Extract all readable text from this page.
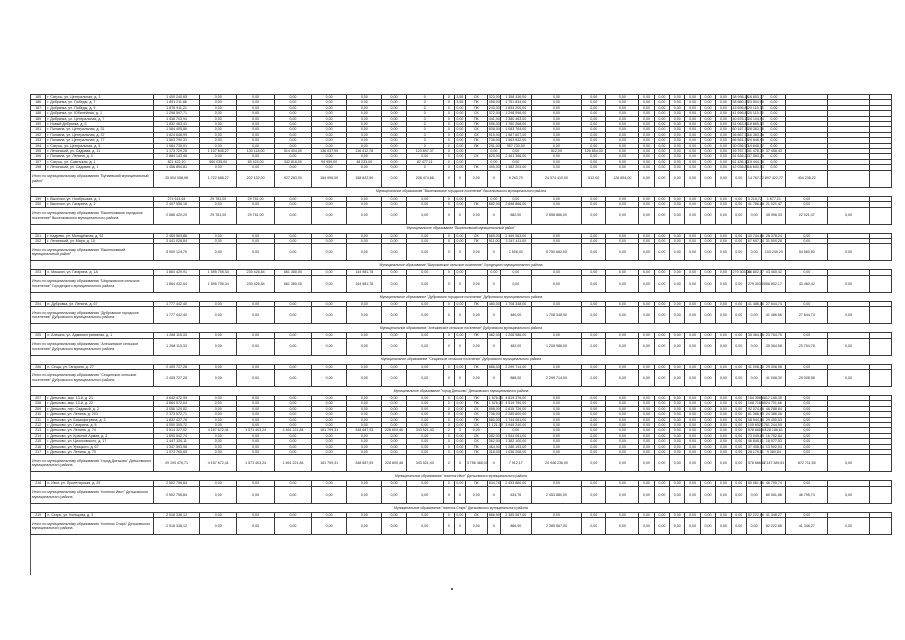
185	г. Сатрос, ул. Центральная, д. 1	1 400 240,65	0,00	0,00	0,00	0,00	0,00	0,00	0	0	3,55	СК	323,00	1 358 436,00	0,00	0,00	0,00	0,00	0,00	0,00	0,00	0,00	0,00	38 998,14	18 653,77	0,00			
186	г. Добрянка, ул. Победы, д. 7	1 891 211,86	0,00	0,00	0,00	0,00	0,00	0,00	0	0	3,55	ПК	458,00	1 791 834,00	0,00	0,00	0,00	0,00	0,00	0,00	0,00	0,00	0,00	38 660,36	23 504,56	0,00			
187	г. Добрянка, ул. Победы, д. 9	1 876 911,21	0,00	0,00	0,00	0,00	0,00	0,00	0	0	0,00	ПК	243,00	1 853 200,00	0,00	0,00	0,00	0,00	0,00	0,00	0,00	0,00	0,00	43 696,81	20 115,75	0,00			
188	г. Добрянка, ул. Юбилейная, д. 1	1 298 597,71	0,00	0,00	0,00	0,00	0,00	0,00	0	0	0,00	СК	372,00	1 298 598,00	0,00	0,00	0,00	0,00	0,00	0,00	0,00	0,00	0,00	41 696,81	20 115,75	0,00			
189	г. Добрянка, ул. Центральная, д. 7	1 438 703,94	0,00	0,00	0,00	0,00	0,00	0,00	0	0	0,00	ПК	441,00	1 380 463,00	0,00	0,00	0,00	0,00	0,00	0,00	0,00	0,00	0,00	40 676,16	24 104,94	0,00			
190	г. Новый Добрянка, д. 5	1 832 463,41	0,00	0,00	0,00	0,00	0,00	0,00	0	0	0,00	ПК	996,00	1 780 268,00	0,00	0,00	0,00	0,00	0,00	0,00	0,00	0,00	0,00	51 063,41	18 865,00	0,00			
191	г. Полазна, ул. Центральная, д. 31	1 084 405,86	0,00	0,00	0,00	0,00	0,00	0,00	0	0	0,00	СК	838,00	1 083 764,00	0,00	0,00	0,00	0,00	0,00	0,00	0,00	0,00	0,00	60 167,36	28 363,36	0,00			
192	г. Полазна, ул. Центральная, д. 37	1 624 648,99	0,00	0,00	0,00	0,00	0,00	0,00	0	0	0,00	СК	915,00	1 587 807,00	0,00	0,00	0,00	0,00	0,00	0,00	0,00	0,00	0,00	36 667,36	16 383,36	0,00			
193	г. Полазна, ул. Центральная, д. 77	1 563 790,31	0,00	0,00	0,00	0,00	0,00	0,00	0	0	0,00	ПК	738,00	1 563 832,00	0,00	0,00	0,00	0,00	0,00	0,00	0,00	0,00	0,00	66 561,38	24 646,95	0,00			
194	г. Сатрос, ул. Центральная, д. 5	1 084 730,01	0,00	0,00	0,00	0,00	0,00	0,00	0	0	0,00	ПК	291,00	957 730,00	0,00	0,00	0,00	0,00	0,00	0,00	0,00	0,00	0,00	30 036,50	19 648,12	0,00			
195	г. Ленинский, ул. Садовая, д. 11	1 173 729,25	1 107 845,27	130 118,00	514 404,00	136 037,90	116 412,78	0,00	123 897,37	0	0,00		0,00	0,00	512,00	126 854,00	0,00	0,00	0,00	0,00	0,00	0,00	0,00	16 767,72	51 478,30	37 458,43			
196	г. Полазна, ул. Ленина, д. 4	2 884 143,46	0,00	0,00	0,00	0,00	0,00	0,00	0,00	0	0,00	СК	825,00	2 461 366,00	0,00	0,00	0,00	0,00	0,00	0,00	0,00	0,00	0,00	51 636,21	37 583,25	0,00			
197	г. Сатрос, ул. Советская, д. 1	821 422,10	560 035,00	65 424,00	342 816,00	94 959,00	48 233,00	0,00	82 477,11	0	0,00		0,00	0,00	0,00	0,00	0,00	0,00	0,00	0,00	0,00	0,00	0,00	61 436,12	15 444,38	0,00			
198	г. Ленинский, ул. Садовая, д. 1	1 456 894,81	0,00	0,00	0,00	0,00	0,00	0,00	0	0	0,00	ПК	495,00	1 382 203,00	0,00	0,00	0,00	0,00	0,00	0,00	0,00	0,00	0,00	42 036,84	16 600,53	0,00			
Итого по муниципальному образованию "Бунаевский муниципальный район"		25 504 058,98	1 722 688,27	202 132,00	927 283,00	184 996,00	158 822,90	0,00	208 474,68	0	0	0,00	X	6 263,70	24 574 410,00	512,00	126 854,00	0,00	0,00	0,00	0,00	0,00	0,00	0,00	14 767,72	897 422,77	404 238,22		
Муниципальное образование "Выселковское городское поселение" Выселковского муниципального района																													
199	г. Выселки, ул. Ноябрьская, д. 1	274 614,64	29 781,00	29 781,00	0,00	0,00	0,00	0,00	0,00	0	0,00		0,00	0,00	0,00	0,00	0,00	0,00	0,00	0,00	0,00	0,00	0,00	0,00	3 216,72	1 677,21	0,00		
200	г. Выселки, ул. Гагарина, д. 2	2 407 556,16	0,00	0,00	0,00	0,00	0,00	0,00	0,00	0	0,00	ПК	882,00	2 898 866,00	0,00	0,00	0,00	0,00	0,00	0,00	0,00	0,00	0,00	0,00	41 788,88	21 021,47	0,00		
Итого по муниципальному образованию "Выселковское городское поселение" Выселковского муниципального района		2 686 420,20	29 781,00	29 781,00	0,00	0,00	0,00	0,00	0,00	0	0	0,00	X	882,00	2 898 866,00	0,00	0,00	0,00	0,00	0,00	0,00	0,00	0,00	0,00	0,00	45 998,33	22 021,47	0,00	
Муниципальное образование "Выселковский муниципальный район"																													
201	г. Кадуево, ул. Молодёжная, д. 92	2 469 563,86	0,00	0,00	0,00	0,00	0,00	0,00	0,00	0	0,00	СК	565,00	2 469 563,00	0,00	0,00	0,00	0,00	0,00	0,00	0,00	0,00	0,00	0,00	40 744,86	28 378,24	0,00		
202	г. Ленинский, ул. Мира, д. 10	3 441 026,84	0,00	0,00	0,00	0,00	0,00	0,00	0,00	0	0,00	ПК	911,00	3 247 411,00	0,00	0,00	0,00	0,00	0,00	0,00	0,00	0,00	0,00	0,00	67 697,34	31 500,28	0,00		
Итого по муниципальному образованию "Выселковский муниципальный район"		5 909 124,70	0,00	0,00	0,00	0,00	0,00	0,00	0,00	0	0	0,00	X	1 506,00	5 750 682,00	0,00	0,00	0,00	0,00	0,00	0,00	0,00	0,00	0,00	0,00	103 249,20	54 560,50	0,00	
Муниципальное образование "Широковское сельское поселение" Городецкого муниципального района																													
203	с. Мишкин, ул. Гагарина, д. 1А	1 864 429,91	1 595 795,34	239 426,84	661 380,00	0,00	144 981,78	0,00	0,00	0	0,00		0,00	0,00	0,00	0,00	0,00	0,00	0,00	0,00	0,00	0,00	0,00	279 303,00	86 802,17	43 460,42	0,00		
Итого по муниципальному образованию "Широковское сельское поселение" Городецкого муниципального района		1 864 432,64	1 595 795,34	239 426,84	661 380,00	0,00	144 981,78	0,00	0,00	0	0	0,00	X	0,00	0,00	0,00	0,00	0,00	0,00	0,00	0,00	0,00	0,00	0,00	279 303,00	86 802,17	43 460,42	0,00	
Муниципальное образование "Дубровское городское поселение" Дубровского муниципального района																													
204	п. Дубровка, ул. Ленина, д. 67	1 777 442,40	0,00	0,00	0,00	0,00	0,00	0,00	0,00	0	0,00	ПК	480,00	1 708 348,00	0,00	0,00	0,00	0,00	0,00	0,00	0,00	0,00	0,00	0,00	41 486,56	27 644,74	0,00		
Итого по муниципальному образованию "Дубровское городское поселение" Дубровского муниципального района		1 777 442,40	0,00	0,00	0,00	0,00	0,00	0,00	0,00	0	0	0,00	X	480,00	1 708 348,00	0,00	0,00	0,00	0,00	0,00	0,00	0,00	0,00	0,00	0,00	41 486,56	27 644,74	0,00	
Муниципальное образование "Алешинское сельское поселение" Дубровского муниципального района																													
205	с. Алешня, ул. Административная, д. 1	1 268 115,33	0,00	0,00	0,00	0,00	0,00	0,00	0,00	0	0,00	ПК	482,00	1 208 986,00	0,00	0,00	0,00	0,00	0,00	0,00	0,00	0,00	0,00	0,00	35 364,58	23 754,75	0,00		
Итого по муниципальному образованию "Алешинское сельское поселение" Дубровского муниципального района		1 268 115,33	0,00	0,00	0,00	0,00	0,00	0,00	0,00	0	0	0,00	X	482,00	1 208 986,00	0,00	0,00	0,00	0,00	0,00	0,00	0,00	0,00	0,00	0,00	35 364,58	23 754,75	0,00	
Муниципальное образование "Сещинское сельское поселение" Дубровского муниципального района																													
206	п. Сеща, ул. Гагарина, д. 27	2 405 727,28	0,00	0,00	0,00	0,00	0,00	0,00	0,00	0	0,00	ПК	888,00	2 299 714,00	0,00	0,00	0,00	0,00	0,00	0,00	0,00	0,00	0,00	0,00	41 008,30	29 008,98	0,00		
Итого по муниципальному образованию "Сещинское сельское поселение" Дубровского муниципального района		2 405 727,28	0,00	0,00	0,00	0,00	0,00	0,00	0,00	0	0	0,00	X	888,00	2 299 714,00	0,00	0,00	0,00	0,00	0,00	0,00	0,00	0,00	0,00	0,00	41 008,30	29 008,98	0,00	
Муниципальное образование "город Дятьково" Дятьковского муниципального района																													
207	г. Дятьково, мкр. 13-й, д. 21	4 642 472,99	0,00	0,00	0,00	0,00	0,00	0,00	0,00	0	0,00	ПК	1 576,00	4 619 376,00	0,00	0,00	0,00	0,00	0,00	0,00	0,00	0,00	0,00	0,00	154 358,66	17 166,35	0,00		
208	г. Дятьково, мкр. 13-й, д. 22	4 864 572,04	0,00	0,00	0,00	0,00	0,00	0,00	0,00	0	0,00	ПК	1 576,00	4 519 790,00	0,00	0,00	0,00	0,00	0,00	0,00	0,00	0,00	0,00	0,00	168 716,85	24 701,66	0,00		
209	г. Дятьково, пер. Садовый, д. 2	3 056 120,82	0,00	0,00	0,00	0,00	0,00	0,00	0,00	0	0,00	СК	998,00	2 815 726,00	0,00	0,00	0,00	0,00	0,00	0,00	0,00	0,00	0,00	0,00	92 074,86	46 288,84	0,00		
210	г. Дятьково, ул. Ленина, д. 203	2 373 572,71	0,00	0,00	0,00	0,00	0,00	0,00	0,00	0	0,00	СК	736,00	2 285 800,00	0,00	0,00	0,00	0,00	0,00	0,00	0,00	0,00	0,00	0,00	61 386,65	24 386,06	0,00		
211	г. Дятьково, ул. Бишофсгрюна, д. 3	1 832 427,76	0,00	0,00	0,00	0,00	0,00	0,00	0,00	0	0,00	ПК	580,00	1 744 081,00	0,00	0,00	0,00	0,00	0,00	0,00	0,00	0,00	0,00	0,00	58 544,88	29 495,53	0,00		
212	г. Дятьково, ул. Гагарина, д. 8	4 050 305,72	0,00	0,00	0,00	0,00	0,00	0,00	0,00	0	0,00	СК	1 121,00	3 949 240,00	0,00	0,00	0,00	0,00	0,00	0,00	0,00	0,00	0,00	0,00	105 652,17	61 244,55	0,00		
213	г. Дятьково, ул. Ленина, д. 74	3 514 327,02	4 167 672,41	1 571 403,24	1 461 221,84	181 799,31	348 687,93	228 800,46	343 521,43	2	3	0,00		0,00	0,00	0,00	0,00	0,00	0,00	0,00	0,00	0,00	0,00	0,00	578 666,67	128 188,61	0,00		
214	г. Дятьково, ул. Красной Армии, д. 3	1 690 542,74	0,00	0,00	0,00	0,00	0,00	0,00	0,00	0	0,00	СК	382,00	1 544 061,00	0,00	0,00	0,00	0,00	0,00	0,00	0,00	0,00	0,00	0,00	73 045,85	16 752,84	0,00		
215	г. Дятьково, ул. Циолковского, д. 17	1 447 326,11	0,00	0,00	0,00	0,00	0,00	0,00	0,00	0	0,00	СК	362,00	1 382 100,00	0,00	0,00	0,00	0,00	0,00	0,00	0,00	0,00	0,00	0,00	46 848,81	18 977,53	0,00		
216	г. Дятьково, ул. Урицкого, д. 67	1 347 593,58	0,00	0,00	0,00	0,00	0,00	0,00	0,00	0	0,00	ПК	464,00	1 286 193,00	0,00	0,00	0,00	0,00	0,00	0,00	0,00	0,00	0,00	0,00	37 498,54	13 902,04	0,00		
217	г. Дятьково, ул. Ленина, д. 70	1 073 765,65	0,00	0,00	0,00	0,00	0,00	0,00	0,00	0	0,00	ПК	318,00	1 036 208,00	0,00	0,00	0,00	0,00	0,00	0,00	0,00	0,00	0,00	0,00	28 176,81	9 380,84	0,00		
Итого по муниципальному образованию "город Дятьково" Дятьковского муниципального района		29 193 476,71	4 167 672,41	1 571 403,24	1 461 221,84	181 799,31	348 687,93	228 800,46	343 521,43	2	3	3 756 468,00	X	7 912,17	24 948 236,00	0,00	0,00	0,00	0,00	0,00	0,00	0,00	0,00	0,00	578 666,67	1 147 389,81	872 711,55	0,00	
Муниципальное образование "поселок Ивот" Дятьковского муниципального района																													
218	п. Ивот, ул. Пролетарская, д. 25	2 502 756,84	0,00	0,00	0,00	0,00	0,00	0,00	0,00	0	0,00	ПК	634,76	2 453 880,00	0,00	0,00	0,00	0,00	0,00	0,00	0,00	0,00	0,00	0,00	80 061,86	46 795,74	0,00		
Итого по муниципальному образованию "поселок Ивот" Дятьковского муниципального района		2 502 756,84	0,00	0,00	0,00	0,00	0,00	0,00	0,00	0	0	0,00	X	634,76	2 453 880,00	0,00	0,00	0,00	0,00	0,00	0,00	0,00	0,00	0,00	0,00	80 061,86	46 795,74	0,00	
Муниципальное образование "поселок Старь" Дятьковского муниципального района																													
219	п. Старь, ул. Кольцова, д. 3	2 518 338,12	0,00	0,00	0,00	0,00	0,00	0,00	0,00	0	0,00	СК	866,90	2 385 567,00	0,00	0,00	0,00	0,00	0,00	0,00	0,00	0,00	0,00	0,00	82 222,86	41 348,27	0,00		
Итого по муниципальному образованию "поселок Старь" Дятьковского муниципального района		2 518 338,12	0,00	0,00	0,00	0,00	0,00	0,00	0,00	0	0	0,00	X	866,90	2 385 567,00	0,00	0,00	0,00	0,00	0,00	0,00	0,00	0,00	0,00	0,00	82 222,86	41 348,27	0,00	
